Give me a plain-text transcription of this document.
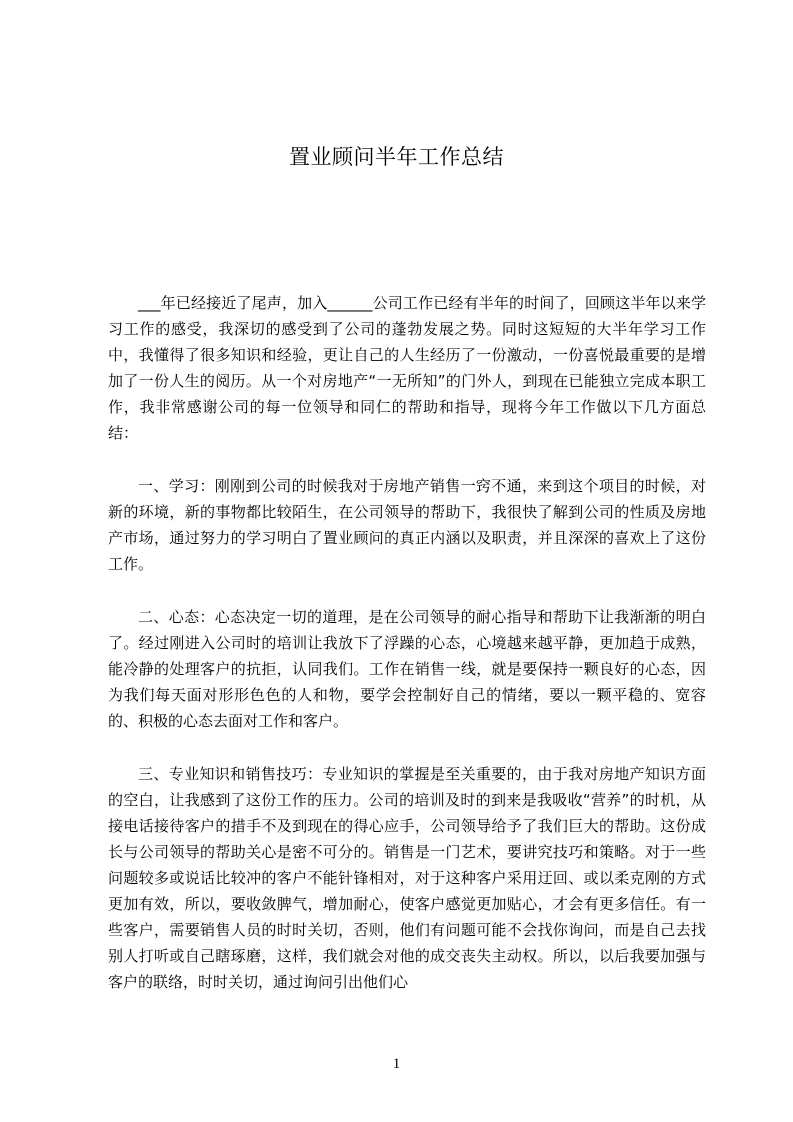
置业顾问半年工作总结

___年已经接近了尾声，加入______公司工作已经有半年的时间了，回顾这半年以来学习工作的感受，我深切的感受到了公司的蓬勃发展之势。同时这短短的大半年学习工作中，我懂得了很多知识和经验，更让自己的人生经历了一份激动，一份喜悦最重要的是增加了一份人生的阅历。从一个对房地产“一无所知”的门外人，到现在已能独立完成本职工作，我非常感谢公司的每一位领导和同仁的帮助和指导，现将今年工作做以下几方面总结：

一、学习：刚刚到公司的时候我对于房地产销售一窍不通，来到这个项目的时候，对新的环境，新的事物都比较陌生，在公司领导的帮助下，我很快了解到公司的性质及房地产市场，通过努力的学习明白了置业顾问的真正内涵以及职责，并且深深的喜欢上了这份工作。

二、心态：心态决定一切的道理，是在公司领导的耐心指导和帮助下让我渐渐的明白了。经过刚进入公司时的培训让我放下了浮躁的心态，心境越来越平静，更加趋于成熟，能冷静的处理客户的抗拒，认同我们。工作在销售一线，就是要保持一颗良好的心态，因为我们每天面对形形色色的人和物，要学会控制好自己的情绪，要以一颗平稳的、宽容的、积极的心态去面对工作和客户。

三、专业知识和销售技巧：专业知识的掌握是至关重要的，由于我对房地产知识方面的空白，让我感到了这份工作的压力。公司的培训及时的到来是我吸收“营养”的时机，从接电话接待客户的措手不及到现在的得心应手，公司领导给予了我们巨大的帮助。这份成长与公司领导的帮助关心是密不可分的。销售是一门艺术，要讲究技巧和策略。对于一些问题较多或说话比较冲的客户不能针锋相对，对于这种客户采用迂回、或以柔克刚的方式更加有效，所以，要收敛脾气，增加耐心，使客户感觉更加贴心，才会有更多信任。有一些客户，需要销售人员的时时关切，否则，他们有问题可能不会找你询问，而是自己去找别人打听或自己瞎琢磨，这样，我们就会对他的成交丧失主动权。所以，以后我要加强与客户的联络，时时关切，通过询问引出他们心

1
